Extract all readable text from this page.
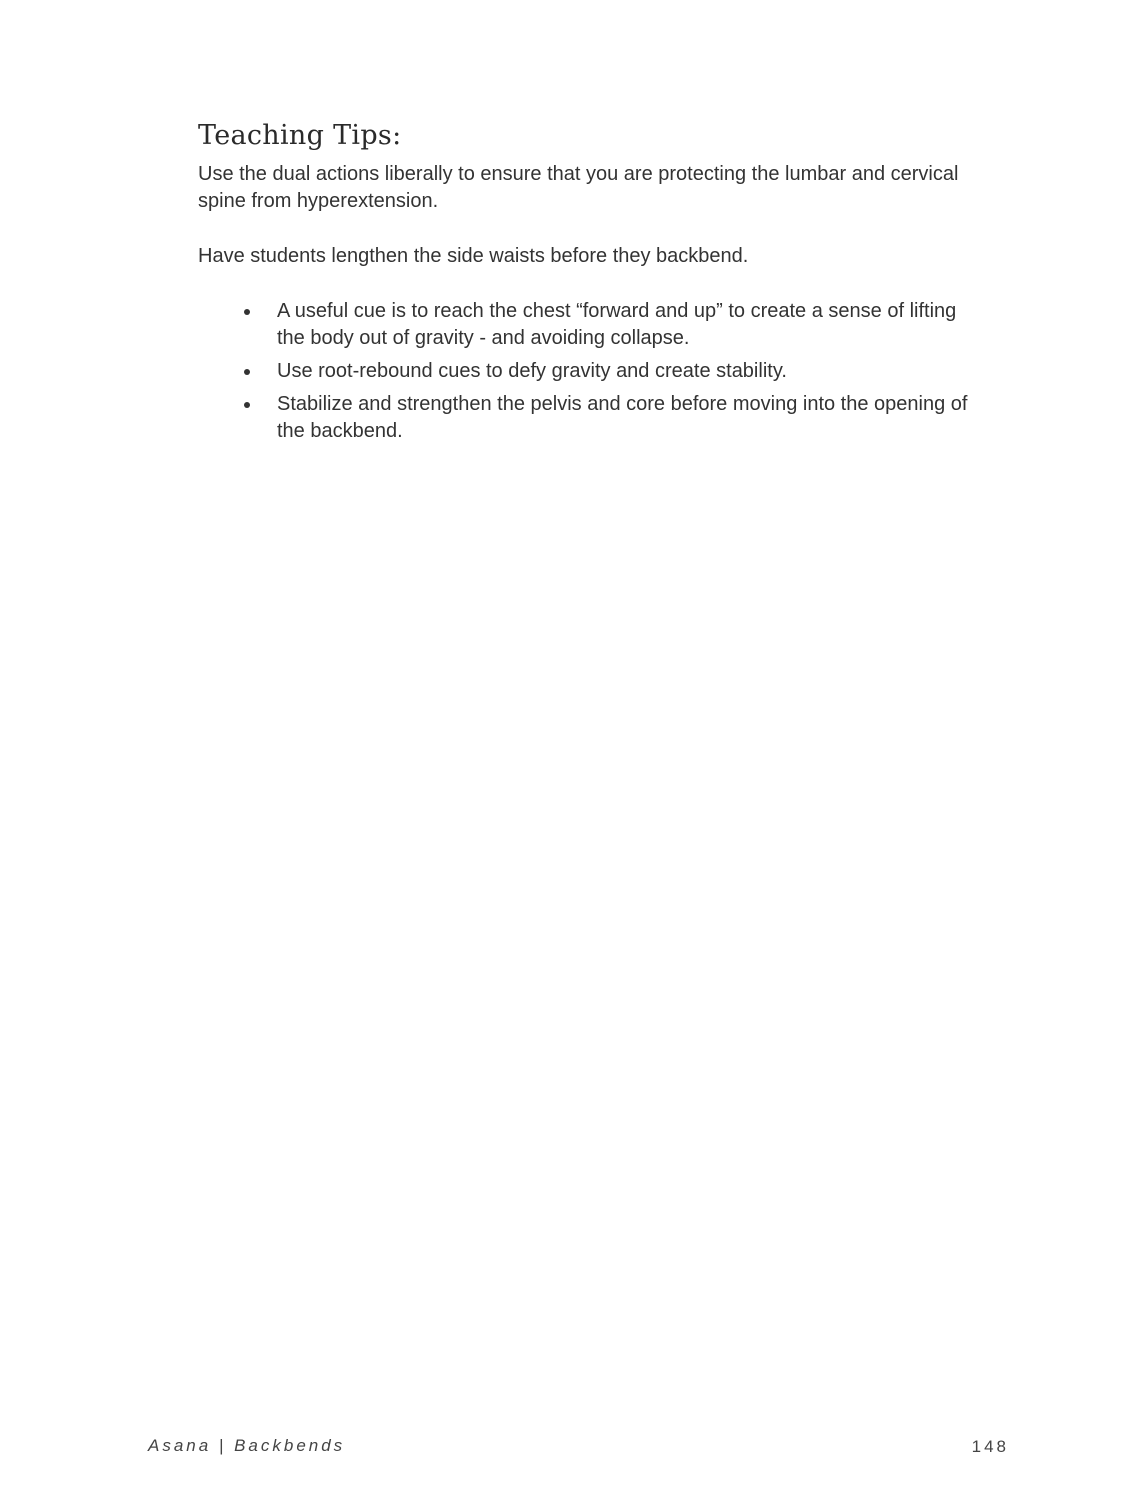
Teaching Tips:

Use the dual actions liberally to ensure that you are protecting the lumbar and cervical spine from hyperextension.

Have students lengthen the side waists before they backbend.

A useful cue is to reach the chest “forward and up” to create a sense of lifting the body out of gravity - and avoiding collapse.
Use root-rebound cues to defy gravity and create stability.
Stabilize and strengthen the pelvis and core before moving into the opening of the backbend.
Asana | Backbends	148
